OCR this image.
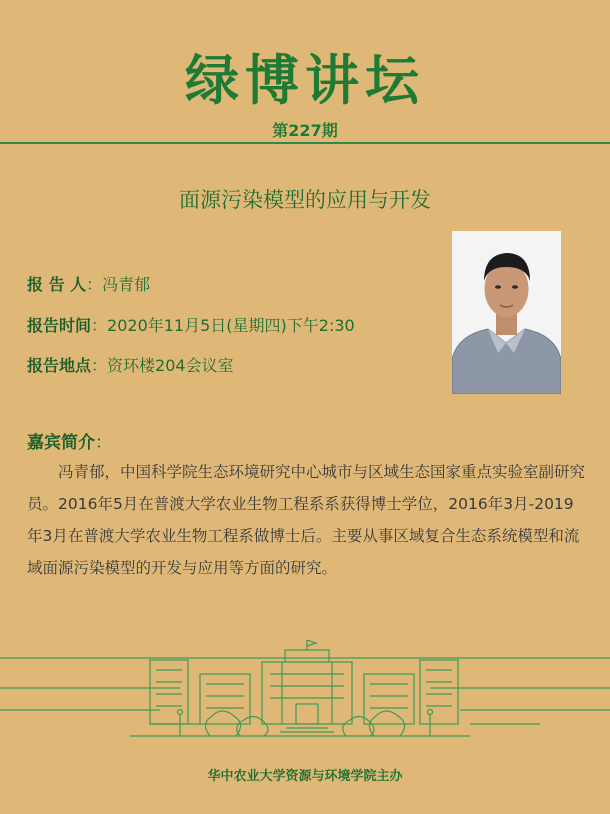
绿博讲坛
第227期
面源污染模型的应用与开发
报 告 人：冯青郁
报告时间：2020年11月5日(星期四)下午2:30
报告地点：资环楼204会议室
嘉宾简介：
冯青郁，中国科学院生态环境研究中心城市与区域生态国家重点实验室副研究员。2016年5月在普渡大学农业生物工程系系获得博士学位，2016年3月-2019年3月在普渡大学农业生物工程系做博士后。主要从事区域复合生态系统模型和流域面源污染模型的开发与应用等方面的研究。
华中农业大学资源与环境学院主办
